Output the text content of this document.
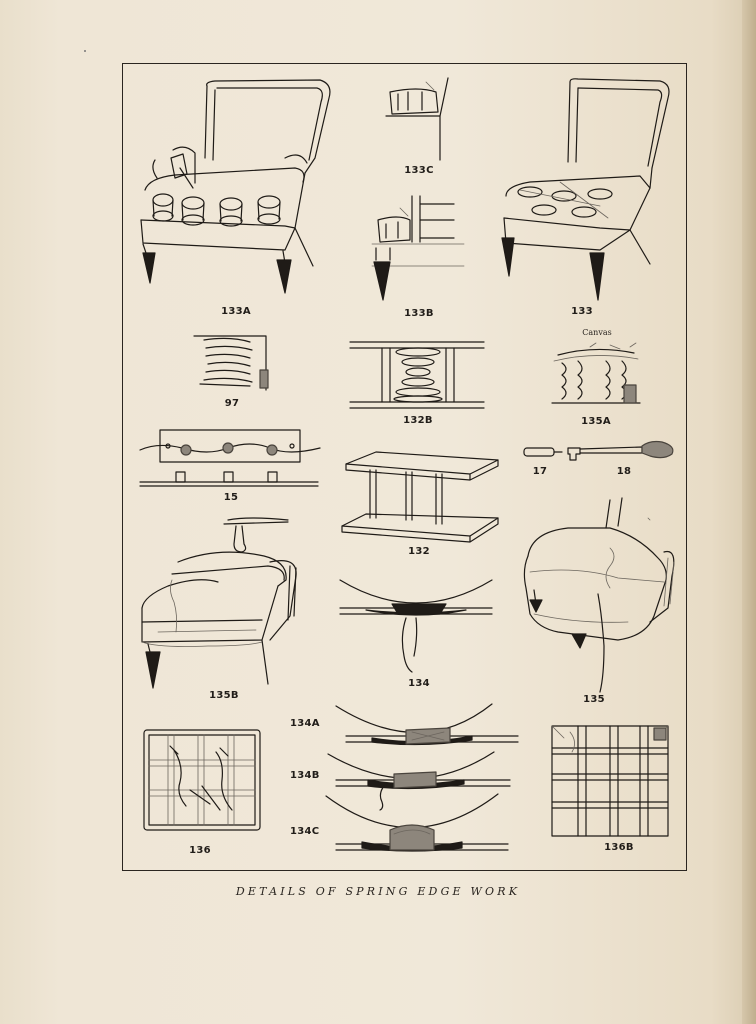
133A
133C
133
133B
97
132B
Canvas
135A
15
17	18
132
135B
134
135
134A
134B
134C
136	136B
DETAILS OF SPRING EDGE WORK
